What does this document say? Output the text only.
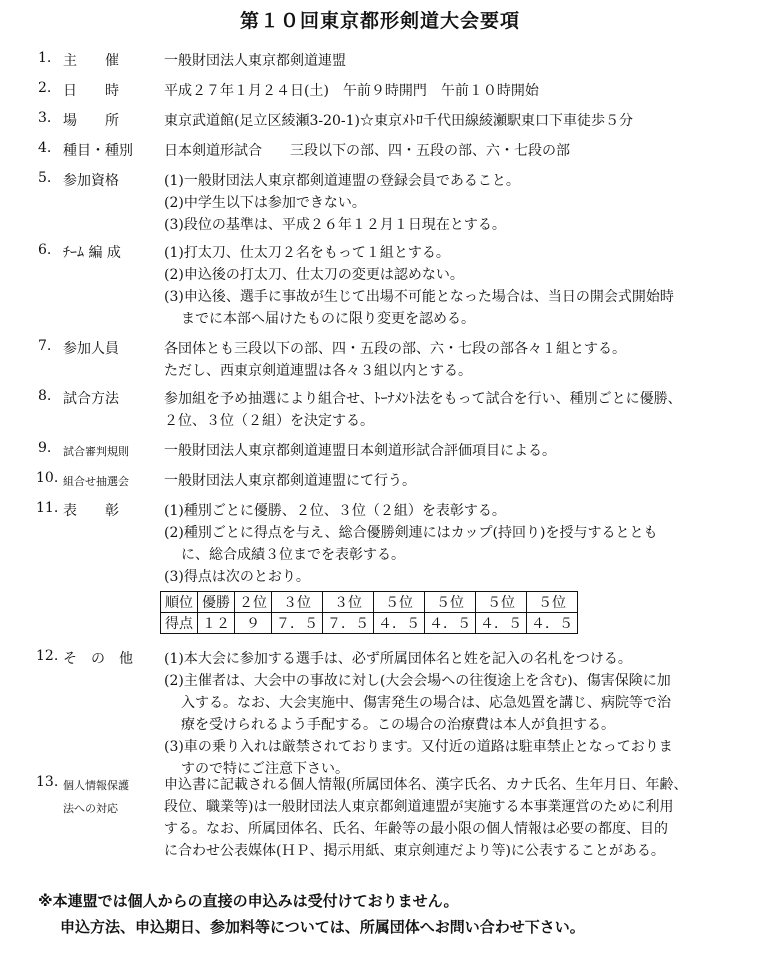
第１０回東京都形剣道大会要項
1. 主　　催	一般財団法人東京都剣道連盟
2. 日　　時	平成２７年１月２４日(土)　午前９時開門　午前１０時開始
3. 場　　所	東京武道館(足立区綾瀬3-20-1)☆東京ﾒﾄﾛ千代田線綾瀬駅東口下車徒歩５分
4. 種目・種別 日本剣道形試合　　三段以下の部、四・五段の部、六・七段の部
5. 参加資格	(1)一般財団法人東京都剣道連盟の登録会員であること。
(2)中学生以下は参加できない。
(3)段位の基準は、平成２６年１２月１日現在とする。
6. ﾁｰﾑ 編 成	(1)打太刀、仕太刀２名をもって１組とする。
(2)申込後の打太刀、仕太刀の変更は認めない。
(3)申込後、選手に事故が生じて出場不可能となった場合は、当日の開会式開始時
までに本部へ届けたものに限り変更を認める。
7. 参加人員	各団体とも三段以下の部、四・五段の部、六・七段の部各々１組とする。
ただし、西東京剣道連盟は各々３組以内とする。
8. 試合方法	参加組を予め抽選により組合せ、ﾄｰﾅﾒﾝﾄ法をもって試合を行い、種別ごとに優勝、
２位、３位（２組）を決定する。
9. 試合審判規則	一般財団法人東京都剣道連盟日本剣道形試合評価項目による。
10. 組合せ抽選会	一般財団法人東京都剣道連盟にて行う。
11. 表　　彰	(1)種別ごとに優勝、２位、３位（２組）を表彰する。
(2)種別ごとに得点を与え、総合優勝剣連にはカップ(持回り)を授与するととも
に、総合成績３位までを表彰する。
(3)得点は次のとおり。
順位	優勝	２位	３位	３位	５位	５位	５位	５位
得点	１２	９	７．５	７．５	４．５	４．５	４．５	４．５
12. そ　の　他 (1)本大会に参加する選手は、必ず所属団体名と姓を記入の名札をつける。
(2)主催者は、大会中の事故に対し(大会会場への往復途上を含む)、傷害保険に加
入する。なお、大会実施中、傷害発生の場合は、応急処置を講じ、病院等で治
療を受けられるよう手配する。この場合の治療費は本人が負担する。
(3)車の乗り入れは厳禁されております。又付近の道路は駐車禁止となっておりま
すので特にご注意下さい。
13. 個人情報保護
法への対応
申込書に記載される個人情報(所属団体名、漢字氏名、カナ氏名、生年月日、年齢、
段位、職業等)は一般財団法人東京都剣道連盟が実施する本事業運営のために利用
する。なお、所属団体名、氏名、年齢等の最小限の個人情報は必要の都度、目的
に合わせ公表媒体(ＨＰ、掲示用紙、東京剣連だより等)に公表することがある。
※本連盟では個人からの直接の申込みは受付けておりません。
申込方法、申込期日、参加料等については、所属団体へお問い合わせ下さい。
